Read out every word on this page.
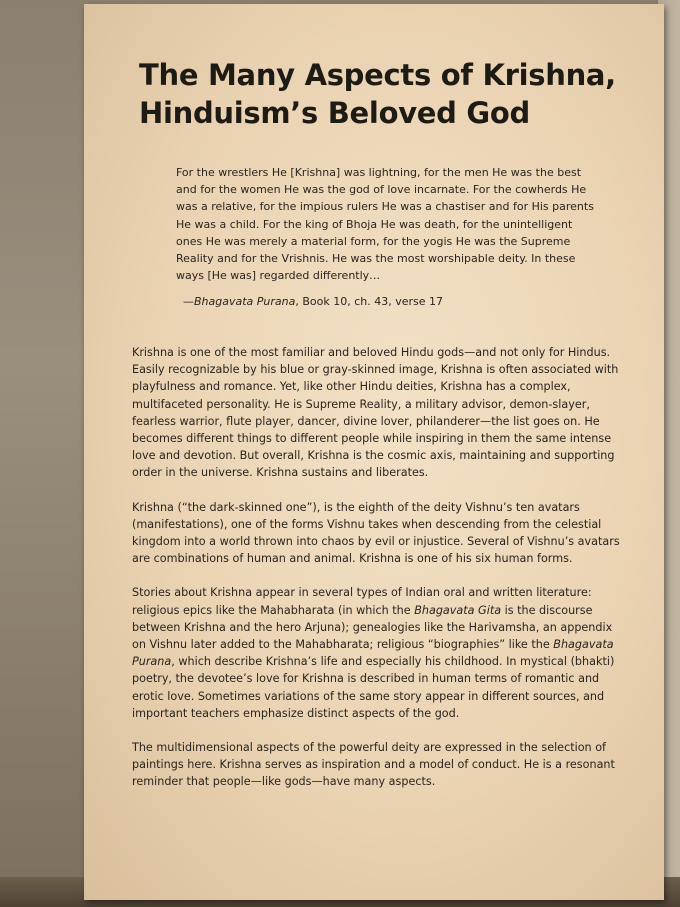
The Many Aspects of Krishna, Hinduism’s Beloved God

For the wrestlers He [Krishna] was lightning, for the men He was the best and for the women He was the god of love incarnate. For the cowherds He was a relative, for the impious rulers He was a chastiser and for His parents He was a child. For the king of Bhoja He was death, for the unintelligent ones He was merely a material form, for the yogis He was the Supreme Reality and for the Vrishnis. He was the most worshipable deity. In these ways [He was] regarded differently…

—Bhagavata Purana, Book 10, ch. 43, verse 17

Krishna is one of the most familiar and beloved Hindu gods—and not only for Hindus. Easily recognizable by his blue or gray-skinned image, Krishna is often associated with playfulness and romance. Yet, like other Hindu deities, Krishna has a complex, multifaceted personality. He is Supreme Reality, a military advisor, demon-slayer, fearless warrior, flute player, dancer, divine lover, philanderer—the list goes on. He becomes different things to different people while inspiring in them the same intense love and devotion. But overall, Krishna is the cosmic axis, maintaining and supporting order in the universe. Krishna sustains and liberates.

Krishna (“the dark-skinned one”), is the eighth of the deity Vishnu’s ten avatars (manifestations), one of the forms Vishnu takes when descending from the celestial kingdom into a world thrown into chaos by evil or injustice. Several of Vishnu’s avatars are combinations of human and animal. Krishna is one of his six human forms.

Stories about Krishna appear in several types of Indian oral and written literature: religious epics like the Mahabharata (in which the Bhagavata Gita is the discourse between Krishna and the hero Arjuna); genealogies like the Harivamsha, an appendix on Vishnu later added to the Mahabharata; religious “biographies” like the Bhagavata Purana, which describe Krishna’s life and especially his childhood. In mystical (bhakti) poetry, the devotee’s love for Krishna is described in human terms of romantic and erotic love. Sometimes variations of the same story appear in different sources, and important teachers emphasize distinct aspects of the god.

The multidimensional aspects of the powerful deity are expressed in the selection of paintings here. Krishna serves as inspiration and a model of conduct. He is a resonant reminder that people—like gods—have many aspects.
